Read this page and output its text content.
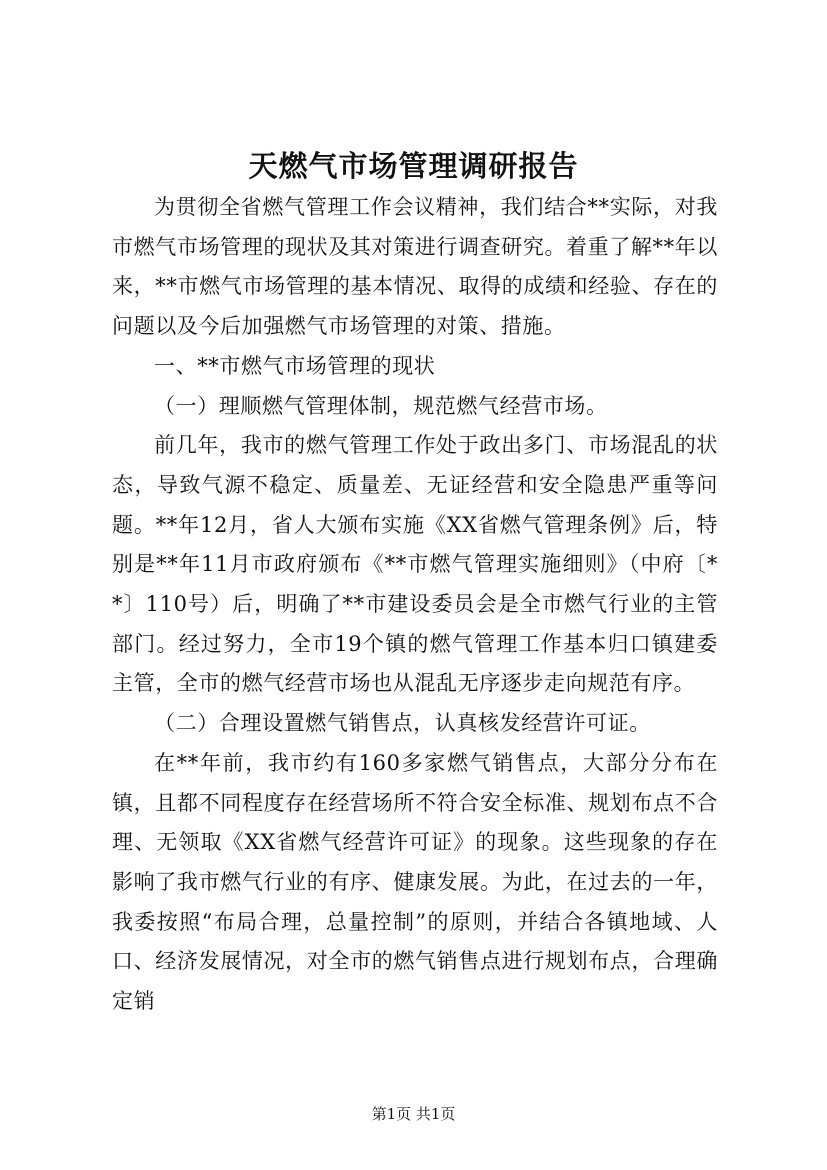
天燃气市场管理调研报告

为贯彻全省燃气管理工作会议精神，我们结合**实际，对我市燃气市场管理的现状及其对策进行调查研究。着重了解**年以来，**市燃气市场管理的基本情况、取得的成绩和经验、存在的问题以及今后加强燃气市场管理的对策、措施。

一、**市燃气市场管理的现状

（一）理顺燃气管理体制，规范燃气经营市场。

前几年，我市的燃气管理工作处于政出多门、市场混乱的状态，导致气源不稳定、质量差、无证经营和安全隐患严重等问题。**年12月，省人大颁布实施《XX省燃气管理条例》后，特别是**年11月市政府颁布《**市燃气管理实施细则》（中府〔**〕110号）后，明确了**市建设委员会是全市燃气行业的主管部门。经过努力，全市19个镇的燃气管理工作基本归口镇建委主管，全市的燃气经营市场也从混乱无序逐步走向规范有序。

（二）合理设置燃气销售点，认真核发经营许可证。

在**年前，我市约有160多家燃气销售点，大部分分布在镇，且都不同程度存在经营场所不符合安全标准、规划布点不合理、无领取《XX省燃气经营许可证》的现象。这些现象的存在影响了我市燃气行业的有序、健康发展。为此，在过去的一年，我委按照“布局合理，总量控制”的原则，并结合各镇地域、人口、经济发展情况，对全市的燃气销售点进行规划布点，合理确定销

第1页 共1页
